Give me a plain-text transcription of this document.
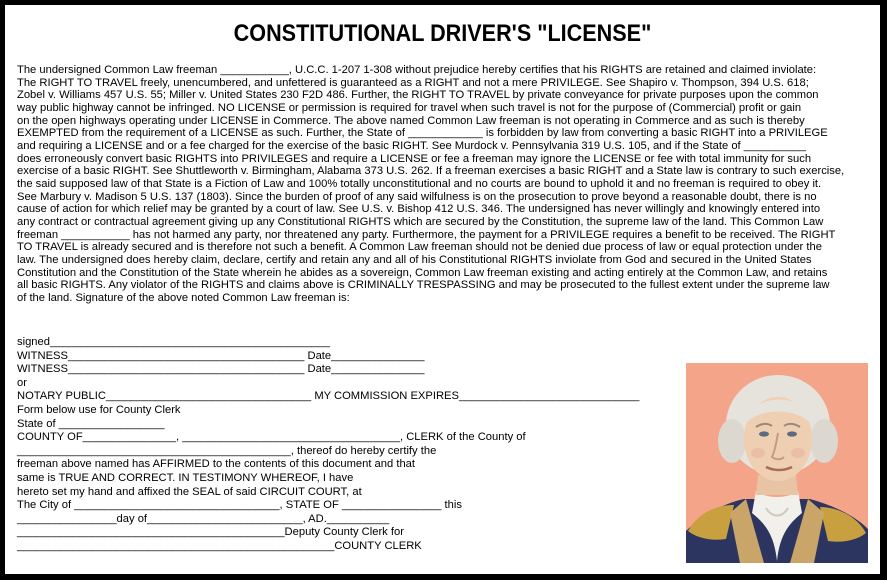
CONSTITUTIONAL DRIVER'S "LICENSE"
The undersigned Common Law freeman ___________, U.C.C. 1-207 1-308 without prejudice hereby certifies that his RIGHTS are retained and claimed inviolate:
The RIGHT TO TRAVEL freely, unencumbered, and unfettered is guaranteed as a RIGHT and not a mere PRIVILEGE. See Shapiro v. Thompson, 394 U.S. 618;
Zobel v. Williams 457 U.S. 55; Miller v. United States 230 F2D 486. Further, the RIGHT TO TRAVEL by private conveyance for private purposes upon the common
way public highway cannot be infringed. NO LICENSE or permission is required for travel when such travel is not for the purpose of (Commercial) profit or gain
on the open highways operating under LICENSE in Commerce. The above named Common Law freeman is not operating in Commerce and as such is thereby
EXEMPTED from the requirement of a LICENSE as such. Further, the State of ____________ is forbidden by law from converting a basic RIGHT into a PRIVILEGE
and requiring a LICENSE and or a fee charged for the exercise of the basic RIGHT. See Murdock v. Pennsylvania 319 U.S. 105, and if the State of __________
does erroneously convert basic RIGHTS into PRIVILEGES and require a LICENSE or fee a freeman may ignore the LICENSE or fee with total immunity for such
exercise of a basic RIGHT. See Shuttleworth v. Birmingham, Alabama 373 U.S. 262. If a freeman exercises a basic RIGHT and a State law is contrary to such exercise,
the said supposed law of that State is a Fiction of Law and 100% totally unconstitutional and no courts are bound to uphold it and no freeman is required to obey it.
See Marbury v. Madison 5 U.S. 137 (1803). Since the burden of proof of any said wilfulness is on the prosecution to prove beyond a reasonable doubt, there is no
cause of action for which relief may be granted by a court of law. See U.S. v. Bishop 412 U.S. 346. The undersigned has never willingly and knowingly entered into
any contract or contractual agreement giving up any Constitutional RIGHTS which are secured by the Constitution, the supreme law of the land. This Common Law
freeman ___________ has not harmed any party, nor threatened any party. Furthermore, the payment for a PRIVILEGE requires a benefit to be received. The RIGHT
TO TRAVEL is already secured and is therefore not such a benefit. A Common Law freeman should not be denied due process of law or equal protection under the
law. The undersigned does hereby claim, declare, certify and retain any and all of his Constitutional RIGHTS inviolate from God and secured in the United States
Constitution and the Constitution of the State wherein he abides as a sovereign, Common Law freeman existing and acting entirely at the Common Law, and retains
all basic RIGHTS. Any violator of the RIGHTS and claims above is CRIMINALLY TRESPASSING and may be prosecuted to the fullest extent under the supreme law
of the land. Signature of the above noted Common Law freeman is:
signed_____________________________________________
WITNESS______________________________________ Date_______________
WITNESS______________________________________ Date_______________
or
NOTARY PUBLIC_________________________________ MY COMMISSION EXPIRES_____________________________
Form below use for County Clerk
State of _________________
COUNTY OF_______________, ___________________________________, CLERK of the County of
____________________________________________, thereof do hereby certify the
freeman above named has AFFIRMED to the contents of this document and that
same is TRUE AND CORRECT. IN TESTIMONY WHEREOF, I have
hereto set my hand and affixed the SEAL of said CIRCUIT COURT, at
The City of _________________________________, STATE OF ________________ this
________________day of_________________________, AD.__________
___________________________________________Deputy County Clerk for
___________________________________________________COUNTY CLERK
